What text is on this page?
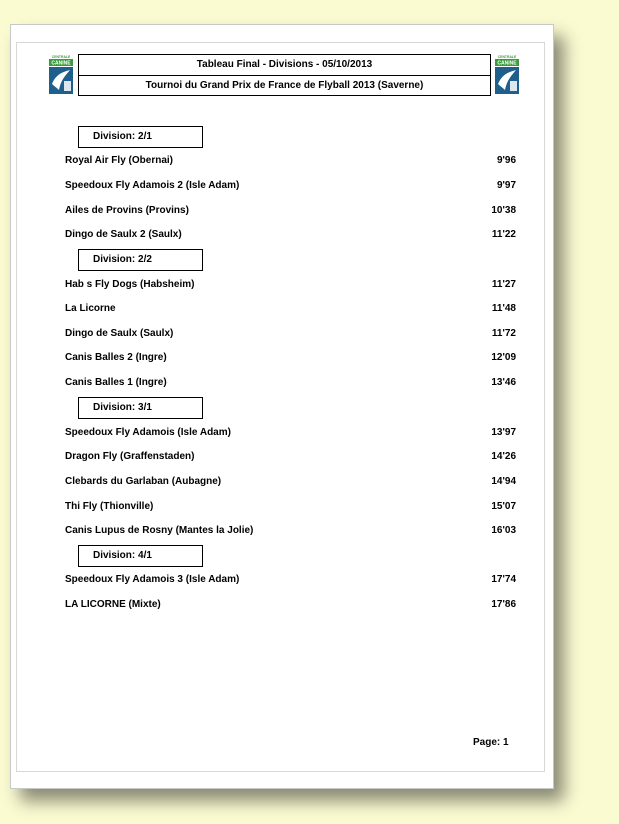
CENTRALE
CANINE	Tableau Final - Divisions - 05/10/2013
Tournoi du Grand Prix de France de Flyball 2013 (Saverne)
CENTRALE
CANINE
Division: 2/1
Royal Air Fly (Obernai)	9'96
Speedoux Fly Adamois 2 (Isle Adam)	9'97
Ailes de Provins (Provins)	10'38
Dingo de Saulx 2 (Saulx)	11'22
Division: 2/2
Hab s Fly Dogs (Habsheim)	11'27
La Licorne	11'48
Dingo de Saulx (Saulx)	11'72
Canis Balles 2 (Ingre)	12'09
Canis Balles 1 (Ingre)	13'46
Division: 3/1
Speedoux Fly Adamois (Isle Adam)	13'97
Dragon Fly (Graffenstaden)	14'26
Clebards du Garlaban (Aubagne)	14'94
Thi Fly (Thionville)	15'07
Canis Lupus de Rosny (Mantes la Jolie)	16'03
Division: 4/1
Speedoux Fly Adamois 3 (Isle Adam)	17'74
LA LICORNE (Mixte)	17'86
Page: 1
